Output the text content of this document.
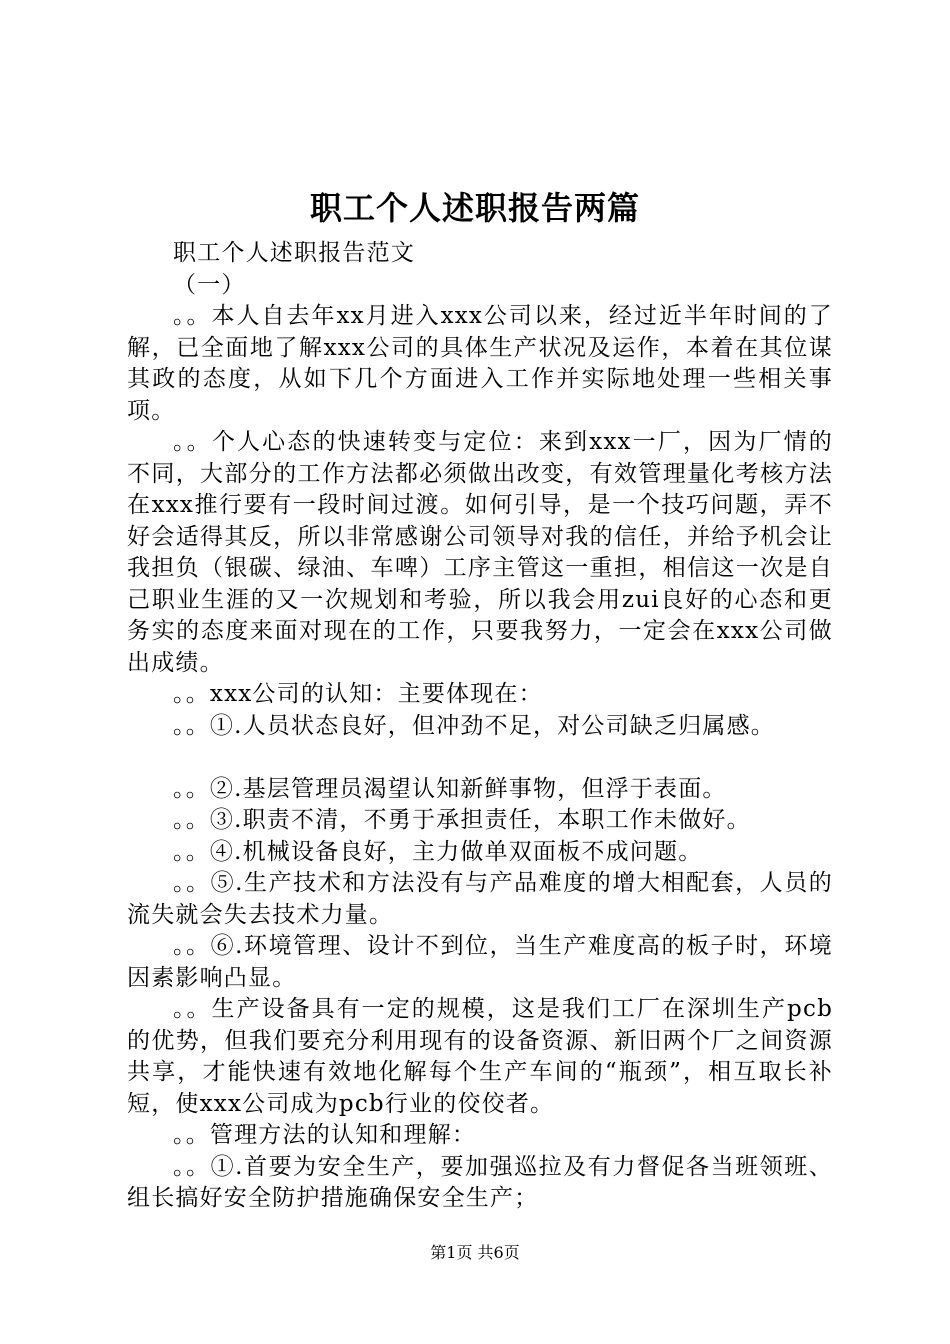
职工个人述职报告两篇

职工个人述职报告范文

（一）

。。本人自去年xx月进入xxx公司以来，经过近半年时间的了解，已全面地了解xxx公司的具体生产状况及运作，本着在其位谋其政的态度，从如下几个方面进入工作并实际地处理一些相关事项。

。。个人心态的快速转变与定位：来到xxx一厂，因为厂情的不同，大部分的工作方法都必须做出改变，有效管理量化考核方法在xxx推行要有一段时间过渡。如何引导，是一个技巧问题，弄不好会适得其反，所以非常感谢公司领导对我的信任，并给予机会让我担负（银碳、绿油、车啤）工序主管这一重担，相信这一次是自己职业生涯的又一次规划和考验，所以我会用zui良好的心态和更务实的态度来面对现在的工作，只要我努力，一定会在xxx公司做出成绩。

。。xxx公司的认知：主要体现在：

。。①.人员状态良好，但冲劲不足，对公司缺乏归属感。

。。②.基层管理员渴望认知新鲜事物，但浮于表面。

。。③.职责不清，不勇于承担责任，本职工作未做好。

。。④.机械设备良好，主力做单双面板不成问题。

。。⑤.生产技术和方法没有与产品难度的增大相配套，人员的流失就会失去技术力量。

。。⑥.环境管理、设计不到位，当生产难度高的板子时，环境因素影响凸显。

。。生产设备具有一定的规模，这是我们工厂在深圳生产pcb的优势，但我们要充分利用现有的设备资源、新旧两个厂之间资源共享，才能快速有效地化解每个生产车间的“瓶颈”，相互取长补短，使xxx公司成为pcb行业的佼佼者。

。。管理方法的认知和理解：

。。①.首要为安全生产，要加强巡拉及有力督促各当班领班、组长搞好安全防护措施确保安全生产；

第1页 共6页
